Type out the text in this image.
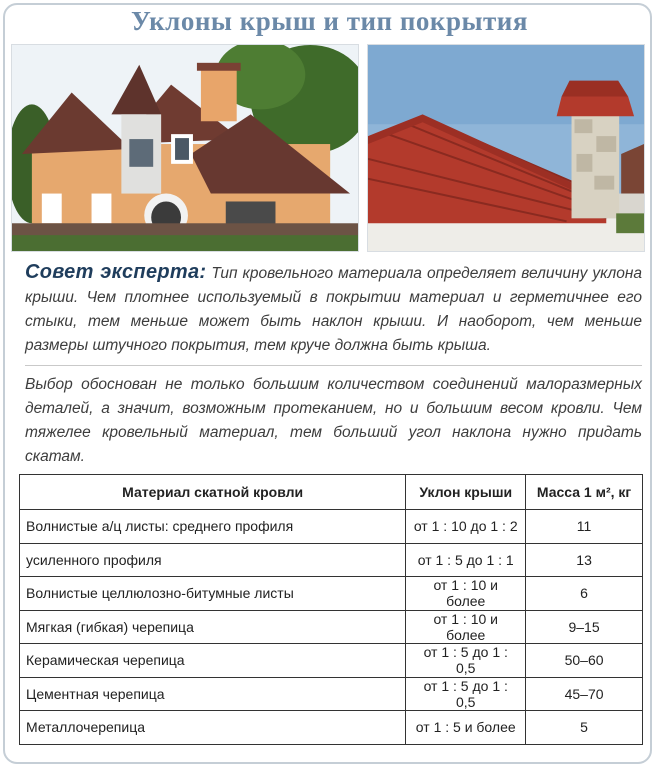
Уклоны крыш и тип покрытия

Совет эксперта: Тип кровельного материала определяет величину уклона крыши. Чем плотнее используемый в покрытии материал и герметичнее его стыки, тем меньше может быть наклон крыши. И наоборот, чем меньше размеры штучного покрытия, тем круче должна быть крыша.

Выбор обоснован не только большим количеством соединений малоразмерных деталей, а значит, возможным протеканием, но и большим весом кровли. Чем тяжелее кровельный материал, тем больший угол наклона нужно придать скатам.

Материал скатной кровли	Уклон крыши	Масса 1 м², кг
Волнистые а/ц листы: среднего профиля	от 1 : 10 до 1 : 2	11
усиленного профиля	от 1 : 5 до 1 : 1	13
Волнистые целлюлозно-битумные листы	от 1 : 10 и более	6
Мягкая (гибкая) черепица	от 1 : 10 и более	9–15
Керамическая черепица	от 1 : 5 до 1 : 0,5	50–60
Цементная черепица	от 1 : 5 до 1 : 0,5	45–70
Металлочерепица	от 1 : 5 и более	5
